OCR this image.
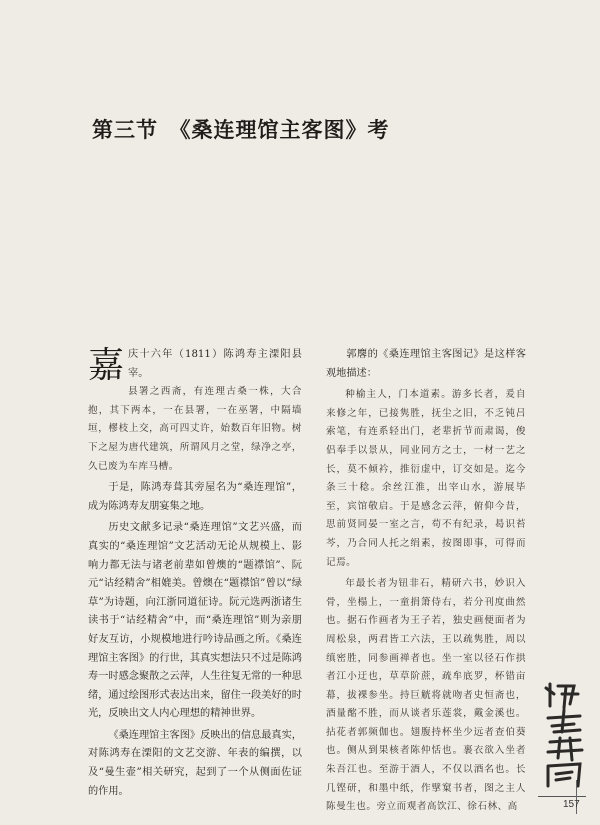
第三节　《桑连理馆主客图》考

嘉庆十六年（1811）陈鸿寿主溧阳县宰。

县署之西斋，有连理古桑一株，大合抱，其下两本，一在县署，一在巫署，中隔墙垣，樛枝上交，高可四丈许，始数百年旧物。树下之屋为唐代建筑，所谓风月之堂，绿净之亭，久已废为车库马槽。

于是，陈鸿寿葺其旁屋名为“桑连理馆”，成为陈鸿寿友朋宴集之地。

历史文献多记录“桑连理馆”文艺兴盛，而真实的“桑连理馆”文艺活动无论从规模上、影响力都无法与诸老前辈如曾燠的“题襟馆”、阮元“诂经精舍”相媲美。曾燠在“题襟馆”曾以“绿草”为诗题，向江浙同道征诗。阮元选两浙诸生读书于“诂经精舍”中，而“桑连理馆”则为亲朋好友互访，小规模地进行吟诗品画之所。《桑连理馆主客图》的行世，其真实想法只不过是陈鸿寿一时感念聚散之云萍，人生往复无常的一种思绪，通过绘图形式表达出来，留住一段美好的时光，反映出文人内心理想的精神世界。

《桑连理馆主客图》反映出的信息最真实，对陈鸿寿在溧阳的文艺交游、年表的编撰，以及“曼生壶”相关研究，起到了一个从侧面佐证的作用。

郭麐的《桑连理馆主客图记》是这样客观地描述：

种榆主人，门本道素。游多长者，爰自来修之年，已接隽胜，抚尘之旧，不乏钝吕索笔，有连系轻出门，老辈折节而肃谒，俊侣奉手以景从，同业同方之士，一材一艺之长，莫不倾衿，推衍虚中，订交如是。迄今条三十稔。余丝江淮，出宰山水，游展毕至，宾馆敬启。于是感念云萍，俯仰今昔，思前贤同晏一室之言，苟不有纪录，曷识苔芩，乃合同人托之绢素，按图即事，可得而记焉。

年最长者为钮非石，精研六书，妙识入骨，坐榻上，一童捐箫侍右，若分刊度曲然也。据石作画者为王子若，独史画便面者为周松泉，两君皆工六法，王以疏隽胜，周以缜密胜，同参画禅者也。坐一室以径石作拱者江小迂也，草草阶蔗，疏牟底罗，杯错亩幕，拔裸参坐。持巨觥将就吻者史恒斋也，酒量酩不胜，而从谈者乐莲裳，戴金溪也。拈花者郭频伽也。翅腹持杯坐少远者查伯葵也。侧从到果核者陈仲恬也。裹衣欲入坐者朱吾江也。至游于酒人，不仅以酒名也。长几铿研，和墨中纸，作擘窠书者，图之主人陈曼生也。旁立而观者高饮江、徐石林、高	157
